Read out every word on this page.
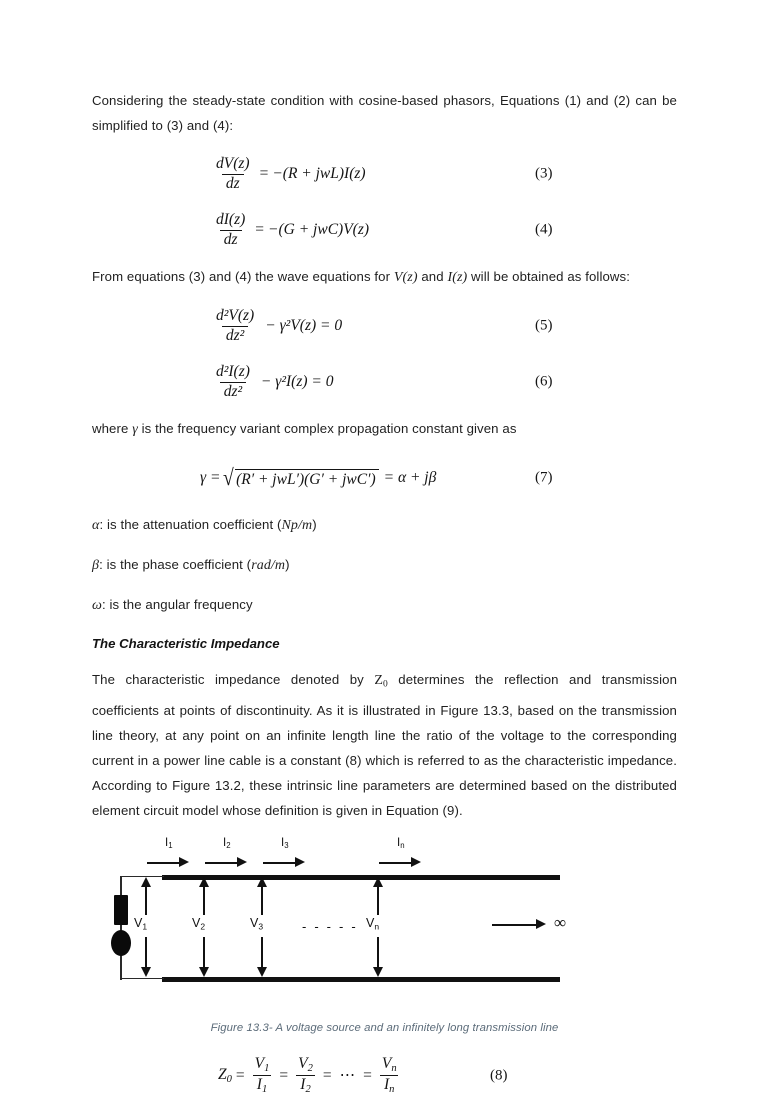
Considering the steady-state condition with cosine-based phasors, Equations (1) and (2) can be simplified to (3) and (4):

$\frac{dV(z)}{dz} = -(R + jwL)I(z)$	(3)
$\frac{dI(z)}{dz} = -(G + jwC)V(z)$	(4)

From equations (3) and (4) the wave equations for V(z) and I(z) will be obtained as follows:

$\frac{\text{d²V(z)}}{\text{dz²}} - \gamma^2V(z) = 0$	(5)
$\frac{\text{d²I(z)}}{\text{dz²}} - \gamma^2I(z) = 0$	(6)

where γ is the frequency variant complex propagation constant given as

γ = √ (R′ + jwL′)(G′ + jwC′) = α + jβ	(7)

α: is the attenuation coefficient (Np/m)

β: is the phase coefficient (rad/m)

ω: is the angular frequency

The Characteristic Impedance

The characteristic impedance denoted by $Z_0$ determines the reflection and transmission coefficients at points of discontinuity. As it is illustrated in Figure 13.3, based on the transmission line theory, at any point on an infinite length line the ratio of the voltage to the corresponding current in a power line cable is a constant (8) which is referred to as the characteristic impedance. According to Figure 13.2, these intrinsic line parameters are determined based on the distributed element circuit model whose definition is given in Equation (9).

$I_1$	$I_2$	$I_3$	$I_n$
$V_1$	$V_2$	$V_3$	$V_n$
- - - - -	∞
Figure 13.3- A voltage source and an infinitely long transmission line
$Z_0 = \frac{V_1}{I_1} = \frac{V_2}{I_2}$ = ⋯ = $\frac{V_n}{I_n}$	(8)
